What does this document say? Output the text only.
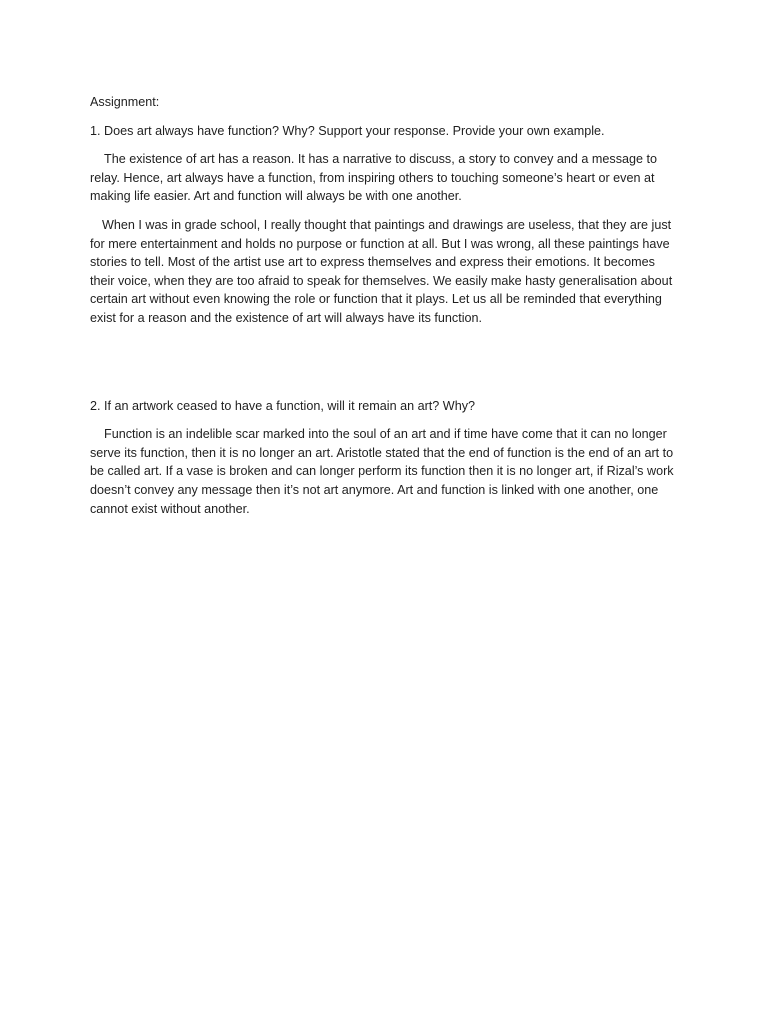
Assignment:

1. Does art always have function? Why? Support your response. Provide your own example.

The existence of art has a reason. It has a narrative to discuss, a story to convey and a message to relay. Hence, art always have a function, from inspiring others to touching someone’s heart or even at making life easier. Art and function will always be with one another.

When I was in grade school, I really thought that paintings and drawings are useless, that they are just for mere entertainment and holds no purpose or function at all. But I was wrong, all these paintings have stories to tell. Most of the artist use art to express themselves and express their emotions. It becomes their voice, when they are too afraid to speak for themselves. We easily make hasty generalisation about certain art without even knowing the role or function that it plays. Let us all be reminded that everything exist for a reason and the existence of art will always have its function.

2. If an artwork ceased to have a function, will it remain an art? Why?

Function is an indelible scar marked into the soul of an art and if time have come that it can no longer serve its function, then it is no longer an art. Aristotle stated that the end of function is the end of an art to be called art. If a vase is broken and can longer perform its function then it is no longer art, if Rizal’s work doesn’t convey any message then it’s not art anymore. Art and function is linked with one another, one cannot exist without another.
